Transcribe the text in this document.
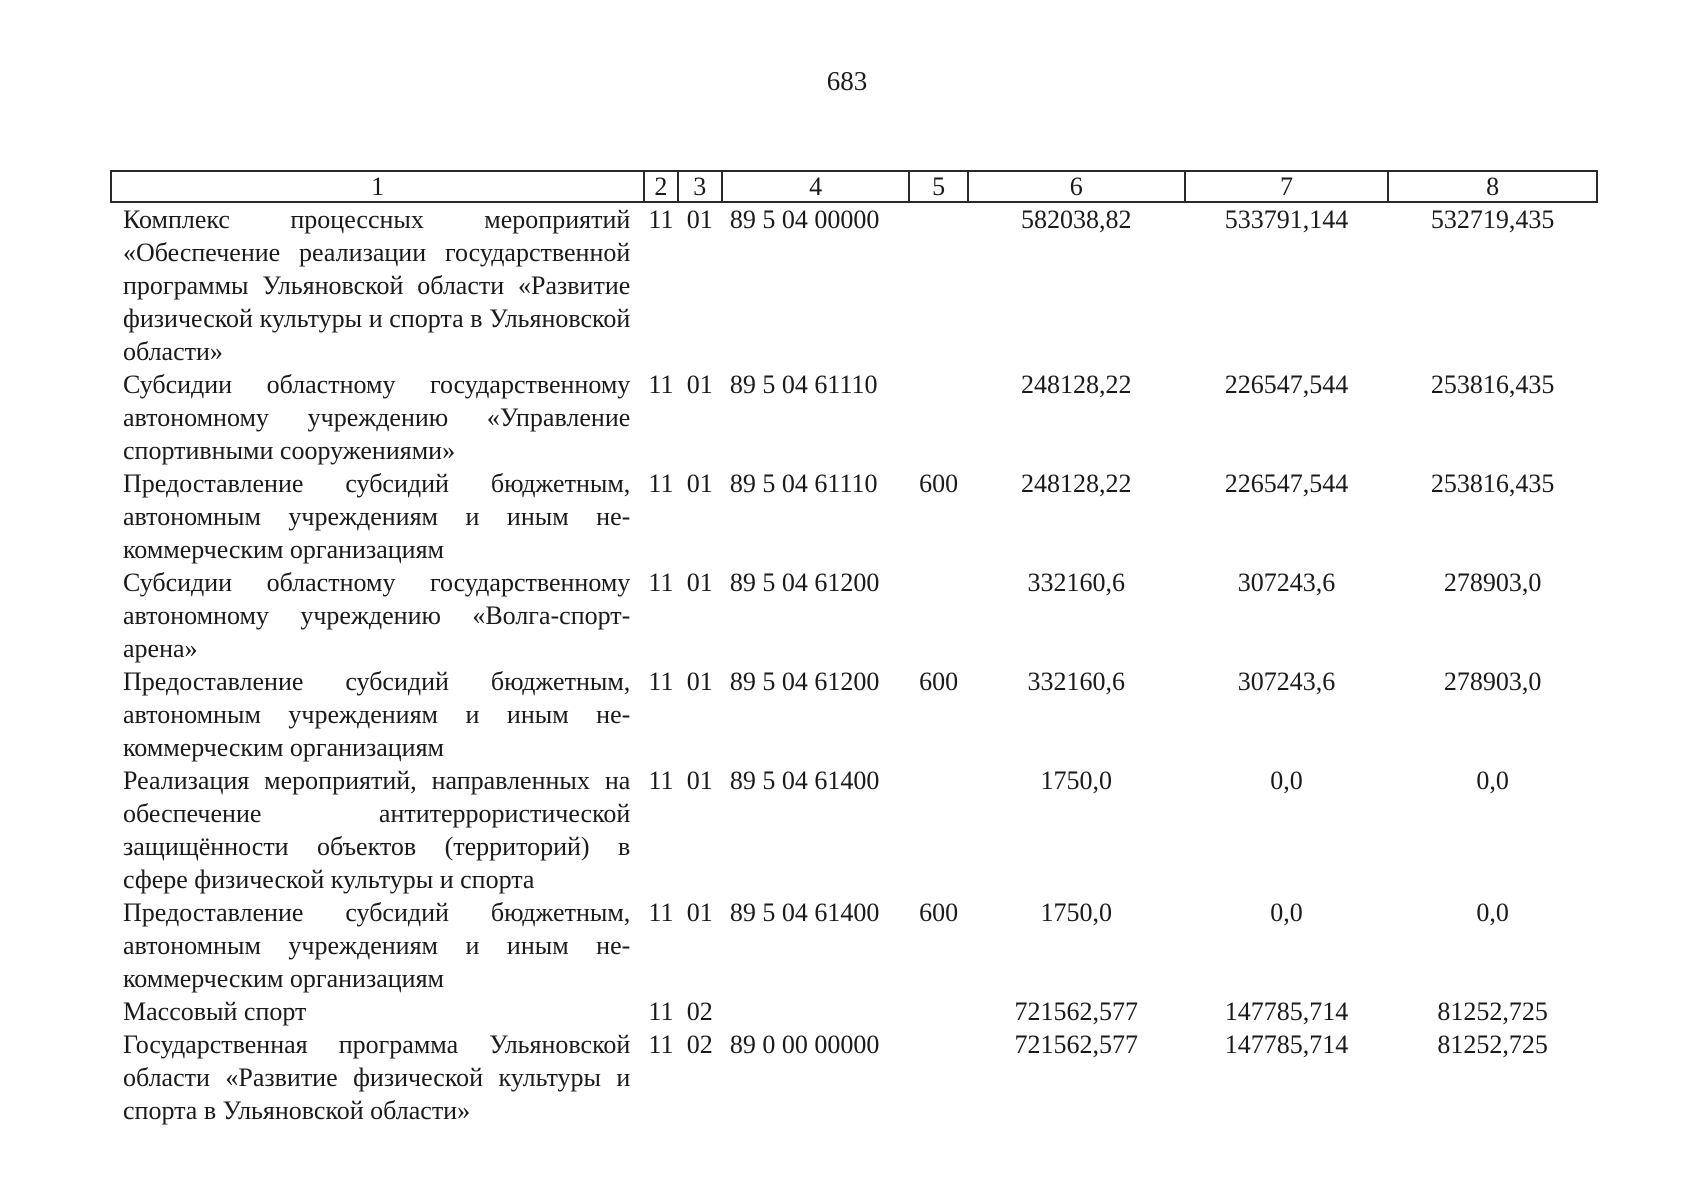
683
1	2	3	4	5	6	7	8
Комплекс процессных мероприятий «Обеспечение реализации государственной программы Ульяновской области «Развитие физической культуры и спорта в Ульяновской области»	11	01	89 5 04 00000		582038,82	533791,144	532719,435
Субсидии областному государственному автономному учреждению «Управление спортивными сооружениями»	11	01	89 5 04 61110		248128,22	226547,544	253816,435
Предоставление субсидий бюджетным, автономным учреждениям и иным некоммерческим организациям	11	01	89 5 04 61110	600	248128,22	226547,544	253816,435
Субсидии областному государственному автономному учреждению «Волга-спорт-арена»	11	01	89 5 04 61200		332160,6	307243,6	278903,0
Предоставление субсидий бюджетным, автономным учреждениям и иным некоммерческим организациям	11	01	89 5 04 61200	600	332160,6	307243,6	278903,0
Реализация мероприятий, направленных на обеспечение антитеррористической защищённости объектов (территорий) в сфере физической культуры и спорта	11	01	89 5 04 61400		1750,0	0,0	0,0
Предоставление субсидий бюджетным, автономным учреждениям и иным некоммерческим организациям	11	01	89 5 04 61400	600	1750,0	0,0	0,0
Массовый спорт	11	02			721562,577	147785,714	81252,725
Государственная программа Ульяновской области «Развитие физической культуры и спорта в Ульяновской области»	11	02	89 0 00 00000		721562,577	147785,714	81252,725
